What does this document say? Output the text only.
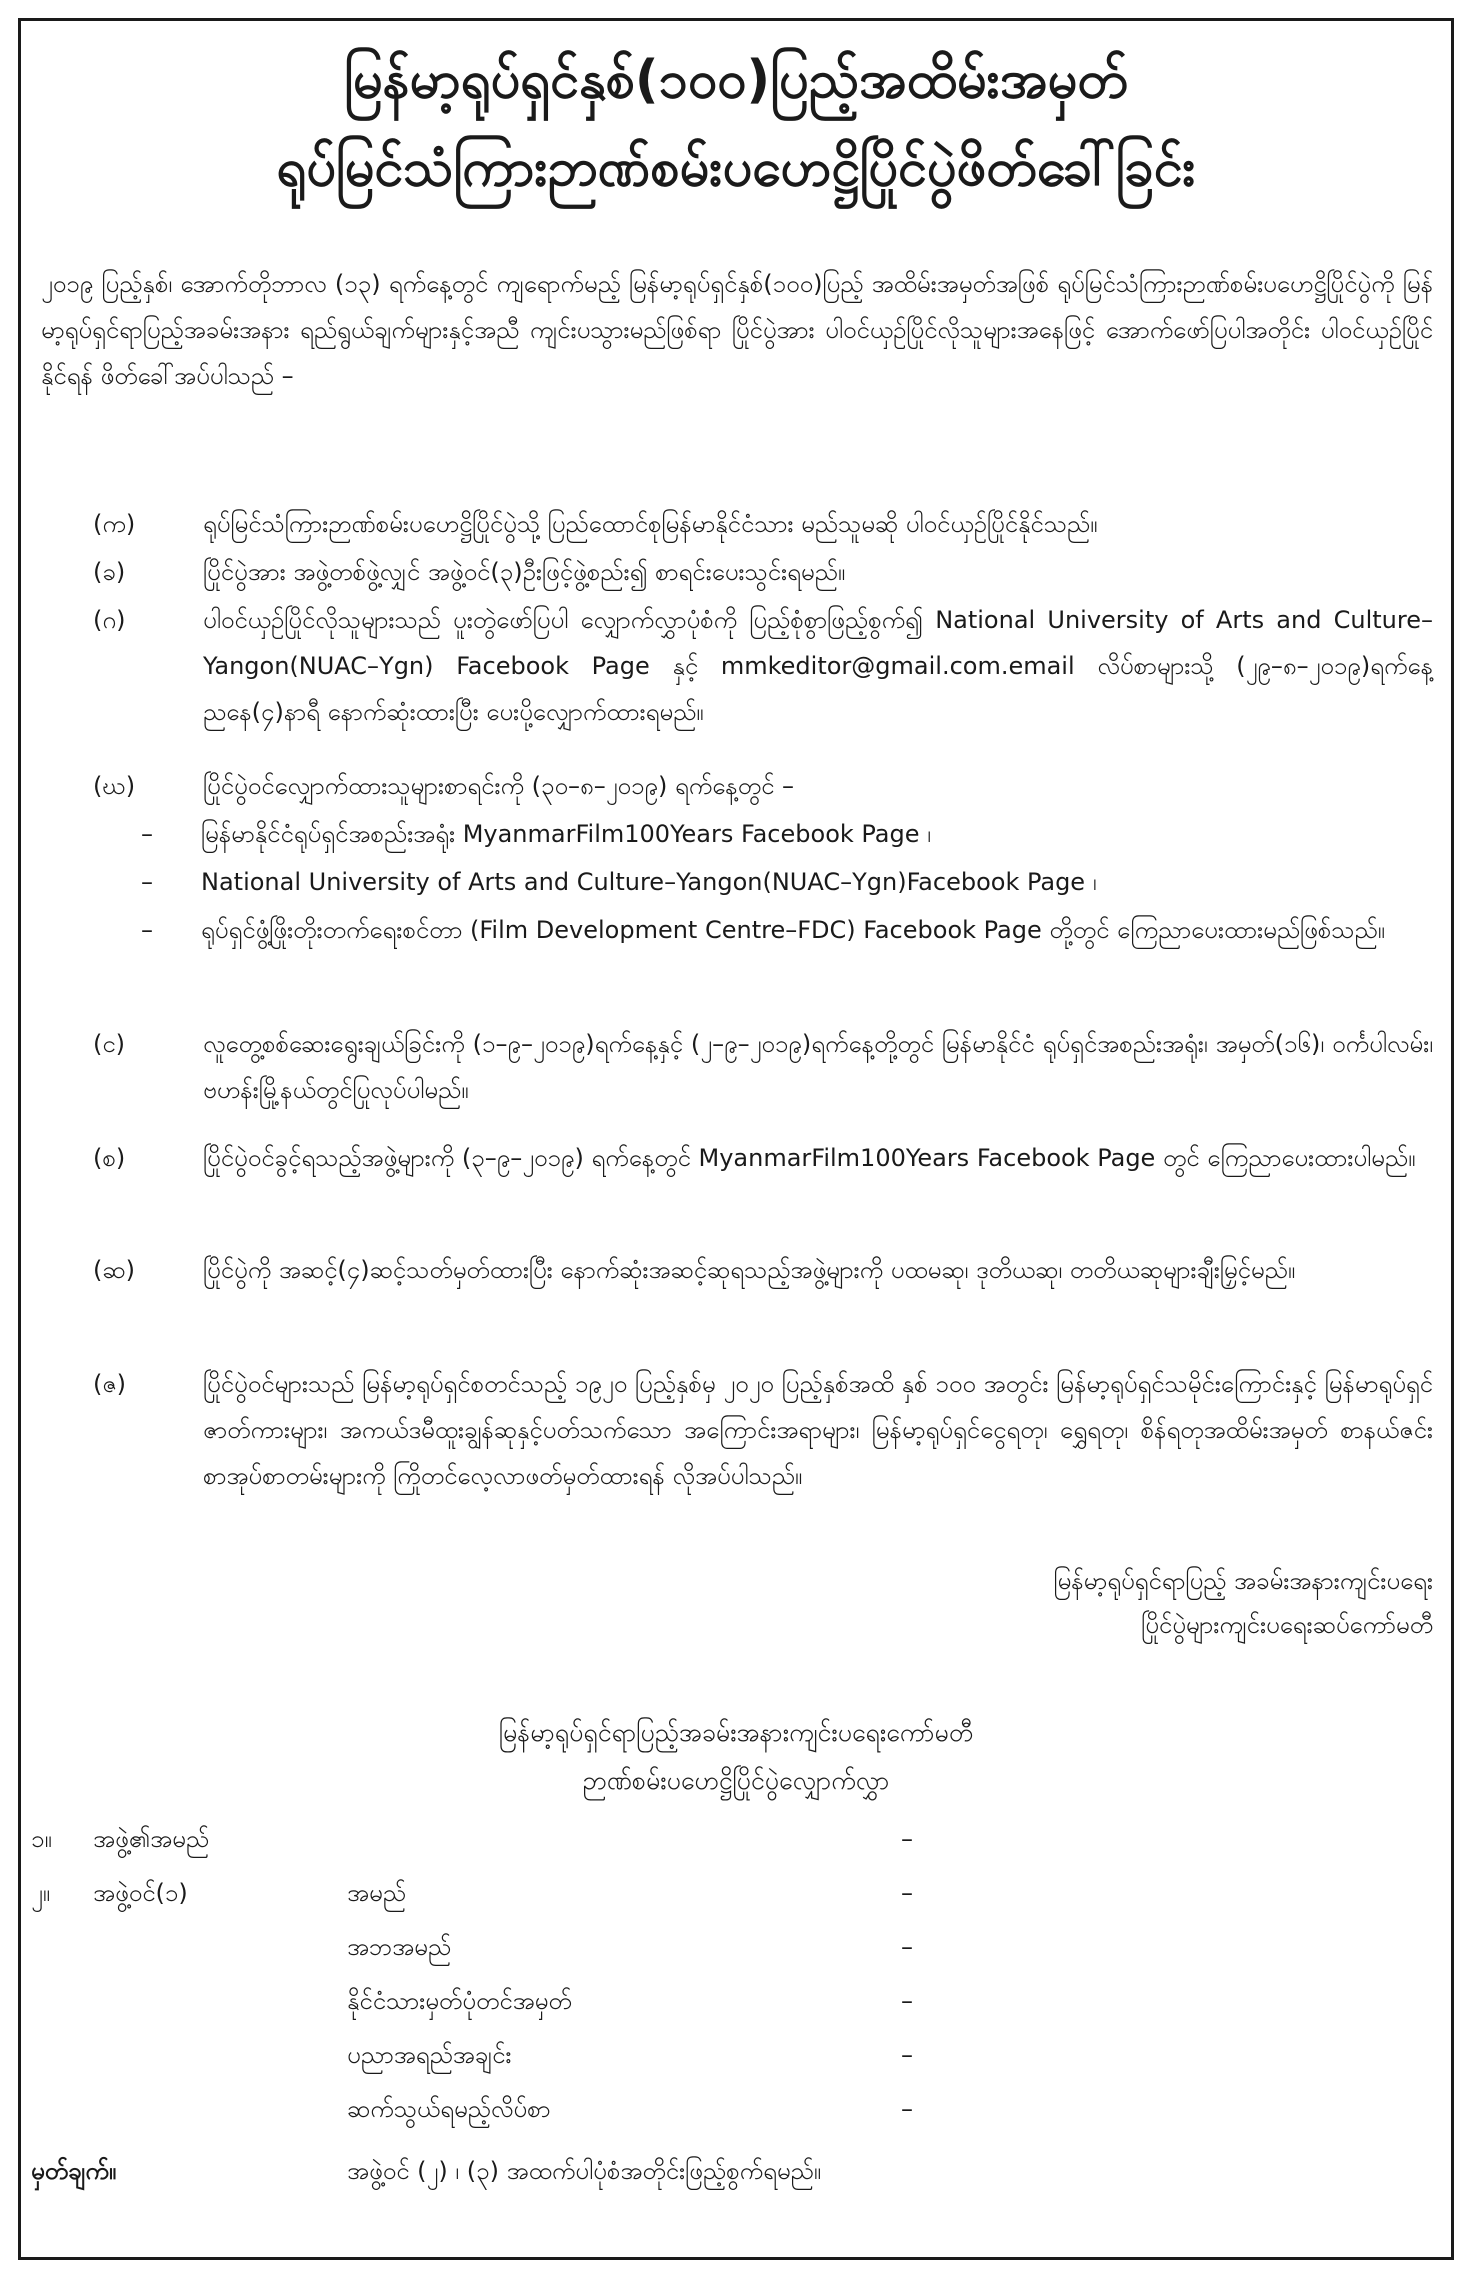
မြန်မာ့ရုပ်ရှင်နှစ်(၁၀၀)ပြည့်အထိမ်းအမှတ်
ရုပ်မြင်သံကြားဉာဏ်စမ်းပဟေဋ္ဌိပြိုင်ပွဲဖိတ်ခေါ်ခြင်း
၂၀၁၉ ပြည့်နှစ်၊ အောက်တိုဘာလ (၁၃) ရက်နေ့တွင် ကျရောက်မည့် မြန်မာ့ရုပ်ရှင်နှစ်(၁၀၀)ပြည့် အထိမ်းအမှတ်အဖြစ် ရုပ်မြင်သံကြားဉာဏ်စမ်းပဟေဋ္ဌိပြိုင်ပွဲကို မြန်မာ့ရုပ်ရှင်ရာပြည့်အခမ်းအနား ရည်ရွယ်ချက်များနှင့်အညီ ကျင်းပသွားမည်ဖြစ်ရာ ပြိုင်ပွဲအား ပါဝင်ယှဉ်ပြိုင်လိုသူများအနေဖြင့် အောက်ဖော်ပြပါအတိုင်း ပါဝင်ယှဉ်ပြိုင်နိုင်ရန် ဖိတ်ခေါ်အပ်ပါသည် –
(က)	ရုပ်မြင်သံကြားဉာဏ်စမ်းပဟေဋ္ဌိပြိုင်ပွဲသို့ ပြည်ထောင်စုမြန်မာနိုင်ငံသား မည်သူမဆို ပါဝင်ယှဉ်ပြိုင်နိုင်သည်။
(ခ)	ပြိုင်ပွဲအား အဖွဲ့တစ်ဖွဲ့လျှင် အဖွဲ့ဝင်(၃)ဦးဖြင့်ဖွဲ့စည်း၍ စာရင်းပေးသွင်းရမည်။
(ဂ)	ပါဝင်ယှဉ်ပြိုင်လိုသူများသည် ပူးတွဲဖော်ပြပါ လျှောက်လွှာပုံစံကို ပြည့်စုံစွာဖြည့်စွက်၍ National University of Arts and Culture–Yangon(NUAC–Ygn) Facebook Page နှင့် mmkeditor@gmail.com.email လိပ်စာများသို့ (၂၉–၈–၂၀၁၉)ရက်နေ့ ညနေ(၄)နာရီ နောက်ဆုံးထားပြီး ပေးပို့လျှောက်ထားရမည်။
(ဃ)	ပြိုင်ပွဲဝင်လျှောက်ထားသူများစာရင်းကို (၃၀–၈–၂၀၁၉) ရက်နေ့တွင် –
– မြန်မာနိုင်ငံရုပ်ရှင်အစည်းအရုံး MyanmarFilm100Years Facebook Page ၊
– National University of Arts and Culture–Yangon(NUAC–Ygn)Facebook Page ၊
– ရုပ်ရှင်ဖွံ့ဖြိုးတိုးတက်ရေးစင်တာ (Film Development Centre–FDC) Facebook Page တို့တွင် ကြေညာပေးထားမည်ဖြစ်သည်။
(င)	လူတွေ့စစ်ဆေးရွေးချယ်ခြင်းကို (၁–၉–၂၀၁၉)ရက်နေ့နှင့် (၂–၉–၂၀၁၉)ရက်နေ့တို့တွင် မြန်မာနိုင်ငံ ရုပ်ရှင်အစည်းအရုံး၊ အမှတ်(၁၆)၊ ဝင်္ကပါလမ်း၊ ဗဟန်းမြို့နယ်တွင်ပြုလုပ်ပါမည်။
(စ)	ပြိုင်ပွဲဝင်ခွင့်ရသည့်အဖွဲ့များကို (၃–၉–၂၀၁၉) ရက်နေ့တွင် MyanmarFilm100Years Facebook Page တွင် ကြေညာပေးထားပါမည်။
(ဆ)	ပြိုင်ပွဲကို အဆင့်(၄)ဆင့်သတ်မှတ်ထားပြီး နောက်ဆုံးအဆင့်ဆုရသည့်အဖွဲ့များကို ပထမဆု၊ ဒုတိယဆု၊ တတိယဆုများချီးမြှင့်မည်။
(ဇ)	ပြိုင်ပွဲဝင်များသည် မြန်မာ့ရုပ်ရှင်စတင်သည့် ၁၉၂၀ ပြည့်နှစ်မှ ၂၀၂၀ ပြည့်နှစ်အထိ နှစ် ၁၀၀ အတွင်း မြန်မာ့ရုပ်ရှင်သမိုင်းကြောင်းနှင့် မြန်မာရုပ်ရှင်ဇာတ်ကားများ၊ အကယ်ဒမီထူးချွန်ဆုနှင့်ပတ်သက်သော အကြောင်းအရာများ၊ မြန်မာ့ရုပ်ရှင်ငွေရတု၊ ရွှေရတု၊ စိန်ရတုအထိမ်းအမှတ် စာနယ်ဇင်းစာအုပ်စာတမ်းများကို ကြိုတင်လေ့လာဖတ်မှတ်ထားရန် လိုအပ်ပါသည်။
မြန်မာ့ရုပ်ရှင်ရာပြည့် အခမ်းအနားကျင်းပရေး
ပြိုင်ပွဲများကျင်းပရေးဆပ်ကော်မတီ
မြန်မာ့ရုပ်ရှင်ရာပြည့်အခမ်းအနားကျင်းပရေးကော်မတီ
ဉာဏ်စမ်းပဟေဋ္ဌိပြိုင်ပွဲလျှောက်လွှာ
၁။ အဖွဲ့၏အမည်	–
၂။ အဖွဲ့ဝင်(၁)	အမည်	–
အဘအမည်	–
နိုင်ငံသားမှတ်ပုံတင်အမှတ်	–
ပညာအရည်အချင်း	–
ဆက်သွယ်ရမည့်လိပ်စာ	–
မှတ်ချက်။	အဖွဲ့ဝင် (၂) ၊ (၃) အထက်ပါပုံစံအတိုင်းဖြည့်စွက်ရမည်။
